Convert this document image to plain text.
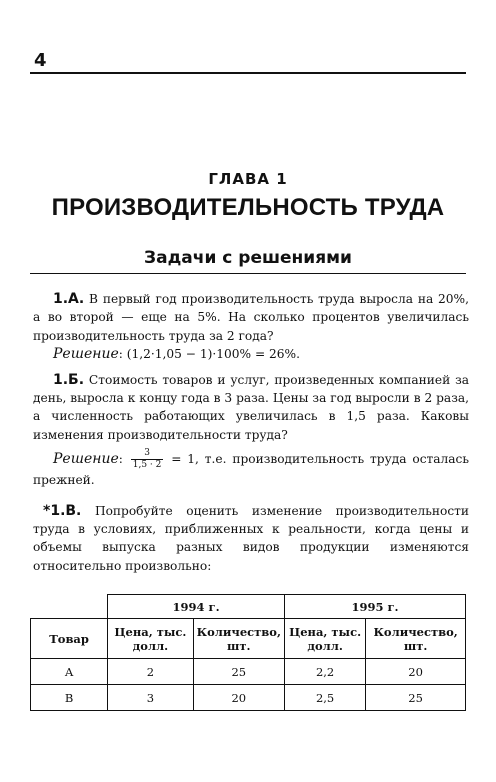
4
ГЛАВА 1
ПРОИЗВОДИТЕЛЬНОСТЬ ТРУДА
Задачи с решениями

1.А. В первый год производительность труда выросла на 20%, а во второй — еще на 5%. На сколько процентов увеличилась производительность труда за 2 года?

Решение: (1,2·1,05 − 1)·100% = 26%.

1.Б. Стоимость товаров и услуг, произведенных компанией за день, выросла к концу года в 3 раза. Цены за год выросли в 2 раза, а численность работающих увеличилась в 1,5 раза. Каковы изменения производительности труда?

Решение: $\frac{3}{1,5 \cdot 2} = 1$, т.е. производительность труда осталась прежней.

*1.В. Попробуйте оценить изменение производительности труда в условиях, приближенных к реальности, когда цены и объемы выпуска разных видов продукции изменяются относительно произвольно:

	1994 г.		1995 г.	
Товар	Цена, тыс. долл.	Количество, шт.	Цена, тыс. долл.	Количество, шт.
А	2	25	2,2	20
В	3	20	2,5	25
